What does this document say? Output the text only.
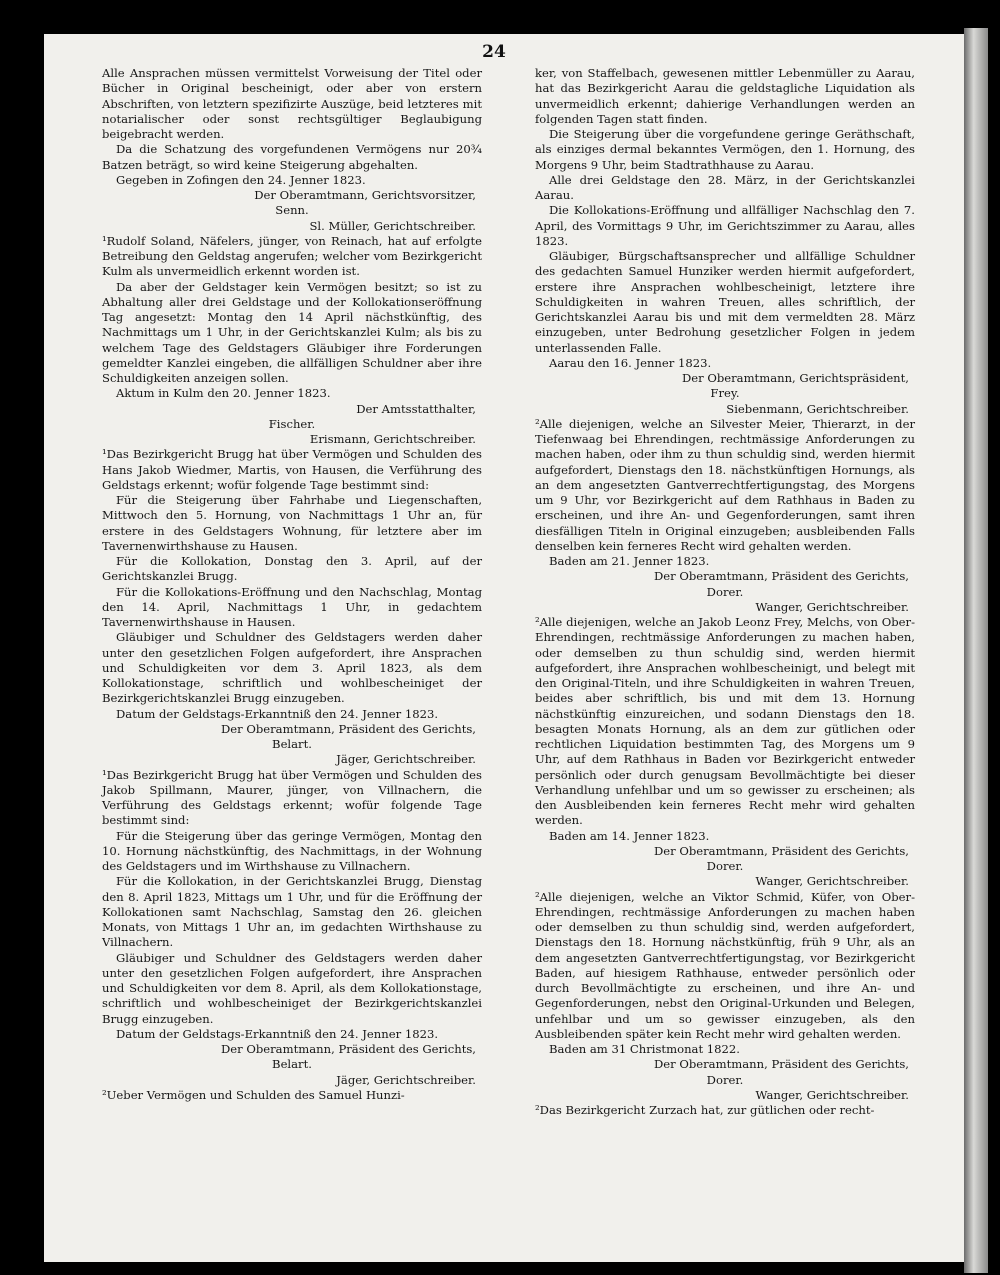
24

Alle Ansprachen müssen vermittelst Vorweisung der Titel oder Bücher in Original bescheinigt, oder aber von erstern Abschriften, von letztern spezifizirte Auszüge, beid letzteres mit notarialischer oder sonst rechtsgültiger Beglaubigung beigebracht werden.

Da die Schatzung des vorgefundenen Vermögens nur 20¾ Batzen beträgt, so wird keine Steigerung abgehalten.

Gegeben in Zofingen den 24. Jenner 1823.

Der Oberamtmann, Gerichtsvorsitzer,

Senn.

Sl. Müller, Gerichtschreiber.

¹Rudolf Soland, Näfelers, jünger, von Reinach, hat auf erfolgte Betreibung den Geldstag angerufen; welcher vom Bezirkgericht Kulm als unvermeidlich erkennt worden ist.

Da aber der Geldstager kein Vermögen besitzt; so ist zu Abhaltung aller drei Geldstage und der Kollokationseröffnung Tag angesetzt: Montag den 14 April nächstkünftig, des Nachmittags um 1 Uhr, in der Gerichtskanzlei Kulm; als bis zu welchem Tage des Geldstagers Gläubiger ihre Forderungen gemeldter Kanzlei eingeben, die allfälligen Schuldner aber ihre Schuldigkeiten anzeigen sollen.

Aktum in Kulm den 20. Jenner 1823.

Der Amtsstatthalter,

Fischer.

Erismann, Gerichtschreiber.

¹Das Bezirkgericht Brugg hat über Vermögen und Schulden des Hans Jakob Wiedmer, Martis, von Hausen, die Verführung des Geldstags erkennt; wofür folgende Tage bestimmt sind:

Für die Steigerung über Fahrhabe und Liegenschaften, Mittwoch den 5. Hornung, von Nachmittags 1 Uhr an, für erstere in des Geldstagers Wohnung, für letztere aber im Tavernenwirthshause zu Hausen.

Für die Kollokation, Donstag den 3. April, auf der Gerichtskanzlei Brugg.

Für die Kollokations-Eröffnung und den Nachschlag, Montag den 14. April, Nachmittags 1 Uhr, in gedachtem Tavernenwirthshause in Hausen.

Gläubiger und Schuldner des Geldstagers werden daher unter den gesetzlichen Folgen aufgefordert, ihre Ansprachen und Schuldigkeiten vor dem 3. April 1823, als dem Kollokationstage, schriftlich und wohlbescheiniget der Bezirkgerichtskanzlei Brugg einzugeben.

Datum der Geldstags-Erkanntniß den 24. Jenner 1823.

Der Oberamtmann, Präsident des Gerichts,

Belart.

Jäger, Gerichtschreiber.

¹Das Bezirkgericht Brugg hat über Vermögen und Schulden des Jakob Spillmann, Maurer, jünger, von Villnachern, die Verführung des Geldstags erkennt; wofür folgende Tage bestimmt sind:

Für die Steigerung über das geringe Vermögen, Montag den 10. Hornung nächstkünftig, des Nachmittags, in der Wohnung des Geldstagers und im Wirthshause zu Villnachern.

Für die Kollokation, in der Gerichtskanzlei Brugg, Dienstag den 8. April 1823, Mittags um 1 Uhr, und für die Eröffnung der Kollokationen samt Nachschlag, Samstag den 26. gleichen Monats, von Mittags 1 Uhr an, im gedachten Wirthshause zu Villnachern.

Gläubiger und Schuldner des Geldstagers werden daher unter den gesetzlichen Folgen aufgefordert, ihre Ansprachen und Schuldigkeiten vor dem 8. April, als dem Kollokationstage, schriftlich und wohlbescheiniget der Bezirkgerichtskanzlei Brugg einzugeben.

Datum der Geldstags-Erkanntniß den 24. Jenner 1823.

Der Oberamtmann, Präsident des Gerichts,

Belart.

Jäger, Gerichtschreiber.

²Ueber Vermögen und Schulden des Samuel Hunzi-

ker, von Staffelbach, gewesenen mittler Lebenmüller zu Aarau, hat das Bezirkgericht Aarau die geldstagliche Liquidation als unvermeidlich erkennt; dahierige Verhandlungen werden an folgenden Tagen statt finden.

Die Steigerung über die vorgefundene geringe Geräthschaft, als einziges dermal bekanntes Vermögen, den 1. Hornung, des Morgens 9 Uhr, beim Stadtrathhause zu Aarau.

Alle drei Geldstage den 28. März, in der Gerichtskanzlei Aarau.

Die Kollokations-Eröffnung und allfälliger Nachschlag den 7. April, des Vormittags 9 Uhr, im Gerichtszimmer zu Aarau, alles 1823.

Gläubiger, Bürgschaftsansprecher und allfällige Schuldner des gedachten Samuel Hunziker werden hiermit aufgefordert, erstere ihre Ansprachen wohlbescheinigt, letztere ihre Schuldigkeiten in wahren Treuen, alles schriftlich, der Gerichtskanzlei Aarau bis und mit dem vermeldten 28. März einzugeben, unter Bedrohung gesetzlicher Folgen in jedem unterlassenden Falle.

Aarau den 16. Jenner 1823.

Der Oberamtmann, Gerichtspräsident,

Frey.

Siebenmann, Gerichtschreiber.

²Alle diejenigen, welche an Silvester Meier, Thierarzt, in der Tiefenwaag bei Ehrendingen, rechtmässige Anforderungen zu machen haben, oder ihm zu thun schuldig sind, werden hiermit aufgefordert, Dienstags den 18. nächstkünftigen Hornungs, als an dem angesetzten Gantverrechtfertigungstag, des Morgens um 9 Uhr, vor Bezirkgericht auf dem Rathhaus in Baden zu erscheinen, und ihre An- und Gegenforderungen, samt ihren diesfälligen Titeln in Original einzugeben; ausbleibenden Falls denselben kein ferneres Recht wird gehalten werden.

Baden am 21. Jenner 1823.

Der Oberamtmann, Präsident des Gerichts,

Dorer.

Wanger, Gerichtschreiber.

²Alle diejenigen, welche an Jakob Leonz Frey, Melchs, von Ober-Ehrendingen, rechtmässige Anforderungen zu machen haben, oder demselben zu thun schuldig sind, werden hiermit aufgefordert, ihre Ansprachen wohlbescheinigt, und belegt mit den Original-Titeln, und ihre Schuldigkeiten in wahren Treuen, beides aber schriftlich, bis und mit dem 13. Hornung nächstkünftig einzureichen, und sodann Dienstags den 18. besagten Monats Hornung, als an dem zur gütlichen oder rechtlichen Liquidation bestimmten Tag, des Morgens um 9 Uhr, auf dem Rathhaus in Baden vor Bezirkgericht entweder persönlich oder durch genugsam Bevollmächtigte bei dieser Verhandlung unfehlbar und um so gewisser zu erscheinen; als den Ausbleibenden kein ferneres Recht mehr wird gehalten werden.

Baden am 14. Jenner 1823.

Der Oberamtmann, Präsident des Gerichts,

Dorer.

Wanger, Gerichtschreiber.

²Alle diejenigen, welche an Viktor Schmid, Küfer, von Ober-Ehrendingen, rechtmässige Anforderungen zu machen haben oder demselben zu thun schuldig sind, werden aufgefordert, Dienstags den 18. Hornung nächstkünftig, früh 9 Uhr, als an dem angesetzten Gantverrechtfertigungstag, vor Bezirkgericht Baden, auf hiesigem Rathhause, entweder persönlich oder durch Bevollmächtigte zu erscheinen, und ihre An- und Gegenforderungen, nebst den Original-Urkunden und Belegen, unfehlbar und um so gewisser einzugeben, als den Ausbleibenden später kein Recht mehr wird gehalten werden.

Baden am 31 Christmonat 1822.

Der Oberamtmann, Präsident des Gerichts,

Dorer.

Wanger, Gerichtschreiber.

²Das Bezirkgericht Zurzach hat, zur gütlichen oder recht-
